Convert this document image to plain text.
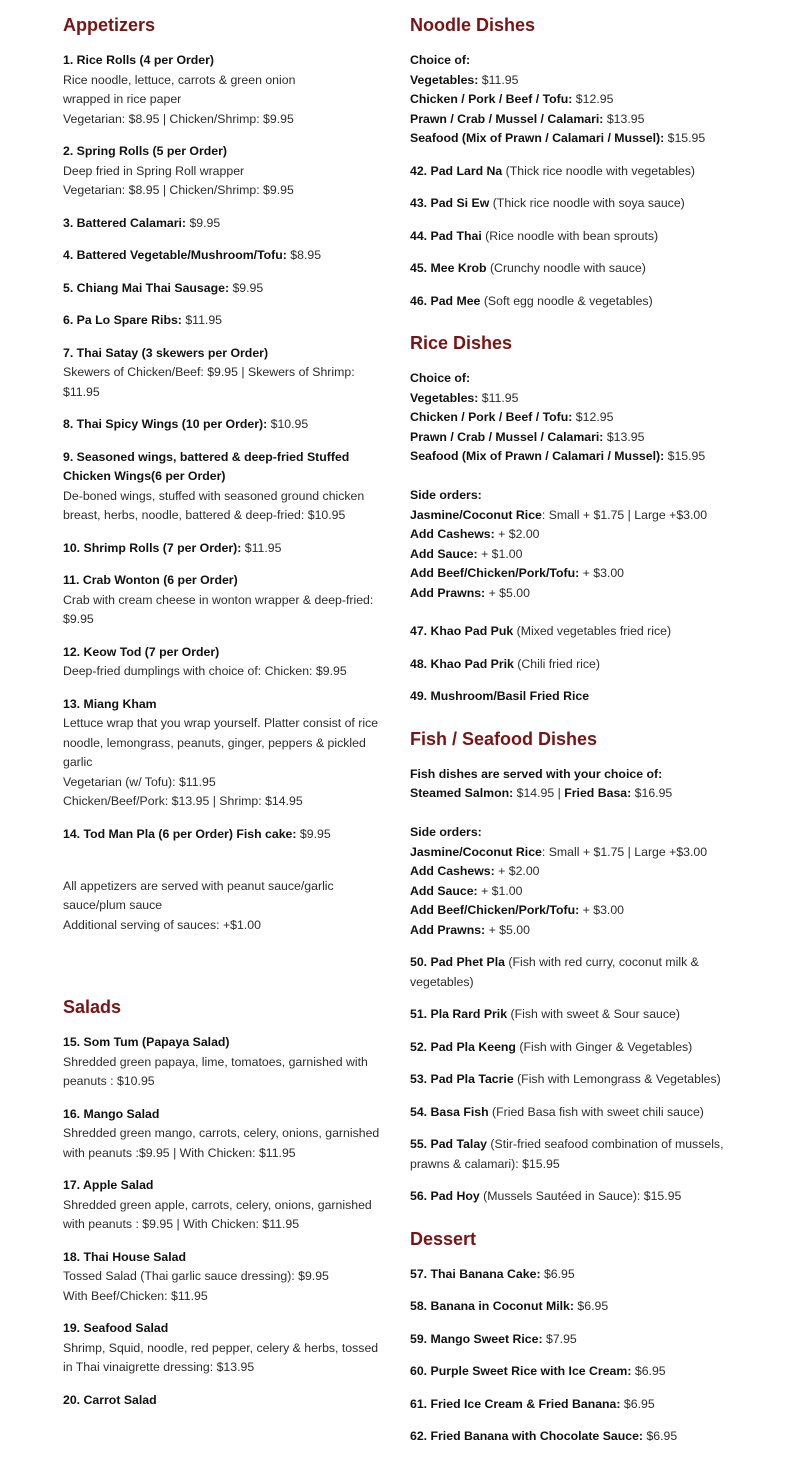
Appetizers
1. Rice Rolls (4 per Order)
Rice noodle, lettuce, carrots & green onion
wrapped in rice paper
Vegetarian: $8.95 | Chicken/Shrimp: $9.95
2. Spring Rolls (5 per Order)
Deep fried in Spring Roll wrapper
Vegetarian: $8.95 | Chicken/Shrimp: $9.95
3. Battered Calamari: $9.95
4. Battered Vegetable/Mushroom/Tofu: $8.95
5. Chiang Mai Thai Sausage: $9.95
6. Pa Lo Spare Ribs: $11.95
7. Thai Satay (3 skewers per Order)
Skewers of Chicken/Beef: $9.95 | Skewers of Shrimp: $11.95
8. Thai Spicy Wings (10 per Order): $10.95
9. Seasoned wings, battered & deep-fried Stuffed Chicken Wings(6 per Order)
De-boned wings, stuffed with seasoned ground chicken breast, herbs, noodle, battered & deep-fried: $10.95
10. Shrimp Rolls (7 per Order): $11.95
11. Crab Wonton (6 per Order)
Crab with cream cheese in wonton wrapper & deep-fried: $9.95
12. Keow Tod (7 per Order)
Deep-fried dumplings with choice of: Chicken: $9.95
13. Miang Kham
Lettuce wrap that you wrap yourself. Platter consist of rice noodle, lemongrass, peanuts, ginger, peppers & pickled garlic
Vegetarian (w/ Tofu): $11.95
Chicken/Beef/Pork: $13.95 | Shrimp: $14.95
14. Tod Man Pla (6 per Order) Fish cake: $9.95

All appetizers are served with peanut sauce/garlic sauce/plum sauce

Additional serving of sauces: +$1.00

Salads
15. Som Tum (Papaya Salad)
Shredded green papaya, lime, tomatoes, garnished with
peanuts : $10.95
16. Mango Salad
Shredded green mango, carrots, celery, onions, garnished with peanuts :$9.95 | With Chicken: $11.95
17. Apple Salad
Shredded green apple, carrots, celery, onions, garnished with peanuts : $9.95 | With Chicken: $11.95
18. Thai House Salad
Tossed Salad (Thai garlic sauce dressing): $9.95
With Beef/Chicken: $11.95
19. Seafood Salad
Shrimp, Squid, noodle, red pepper, celery & herbs, tossed in Thai vinaigrette dressing: $13.95
20. Carrot Salad
Noodle Dishes
Choice of:
Vegetables: $11.95
Chicken / Pork / Beef / Tofu: $12.95
Prawn / Crab / Mussel / Calamari: $13.95
Seafood (Mix of Prawn / Calamari / Mussel): $15.95
42. Pad Lard Na (Thick rice noodle with vegetables)
43. Pad Si Ew (Thick rice noodle with soya sauce)
44. Pad Thai (Rice noodle with bean sprouts)
45. Mee Krob (Crunchy noodle with sauce)
46. Pad Mee (Soft egg noodle & vegetables)
Rice Dishes
Choice of:
Vegetables: $11.95
Chicken / Pork / Beef / Tofu: $12.95
Prawn / Crab / Mussel / Calamari: $13.95
Seafood (Mix of Prawn / Calamari / Mussel): $15.95

Side orders:
Jasmine/Coconut Rice: Small + $1.75 | Large +$3.00
Add Cashews: + $2.00
Add Sauce: + $1.00
Add Beef/Chicken/Pork/Tofu: + $3.00
Add Prawns: + $5.00
47. Khao Pad Puk (Mixed vegetables fried rice)
48. Khao Pad Prik (Chili fried rice)
49. Mushroom/Basil Fried Rice
Fish / Seafood Dishes
Fish dishes are served with your choice of:
Steamed Salmon: $14.95 | Fried Basa: $16.95

Side orders:
Jasmine/Coconut Rice: Small + $1.75 | Large +$3.00
Add Cashews: + $2.00
Add Sauce: + $1.00
Add Beef/Chicken/Pork/Tofu: + $3.00
Add Prawns: + $5.00
50. Pad Phet Pla (Fish with red curry, coconut milk & vegetables)
51. Pla Rard Prik (Fish with sweet & Sour sauce)
52. Pad Pla Keeng (Fish with Ginger & Vegetables)
53. Pad Pla Tacrie (Fish with Lemongrass & Vegetables)
54. Basa Fish (Fried Basa fish with sweet chili sauce)
55. Pad Talay (Stir-fried seafood combination of mussels, prawns & calamari): $15.95
56. Pad Hoy (Mussels Sautéed in Sauce): $15.95
Dessert
57. Thai Banana Cake: $6.95
58. Banana in Coconut Milk: $6.95
59. Mango Sweet Rice: $7.95
60. Purple Sweet Rice with Ice Cream: $6.95
61. Fried Ice Cream & Fried Banana: $6.95
62. Fried Banana with Chocolate Sauce: $6.95
